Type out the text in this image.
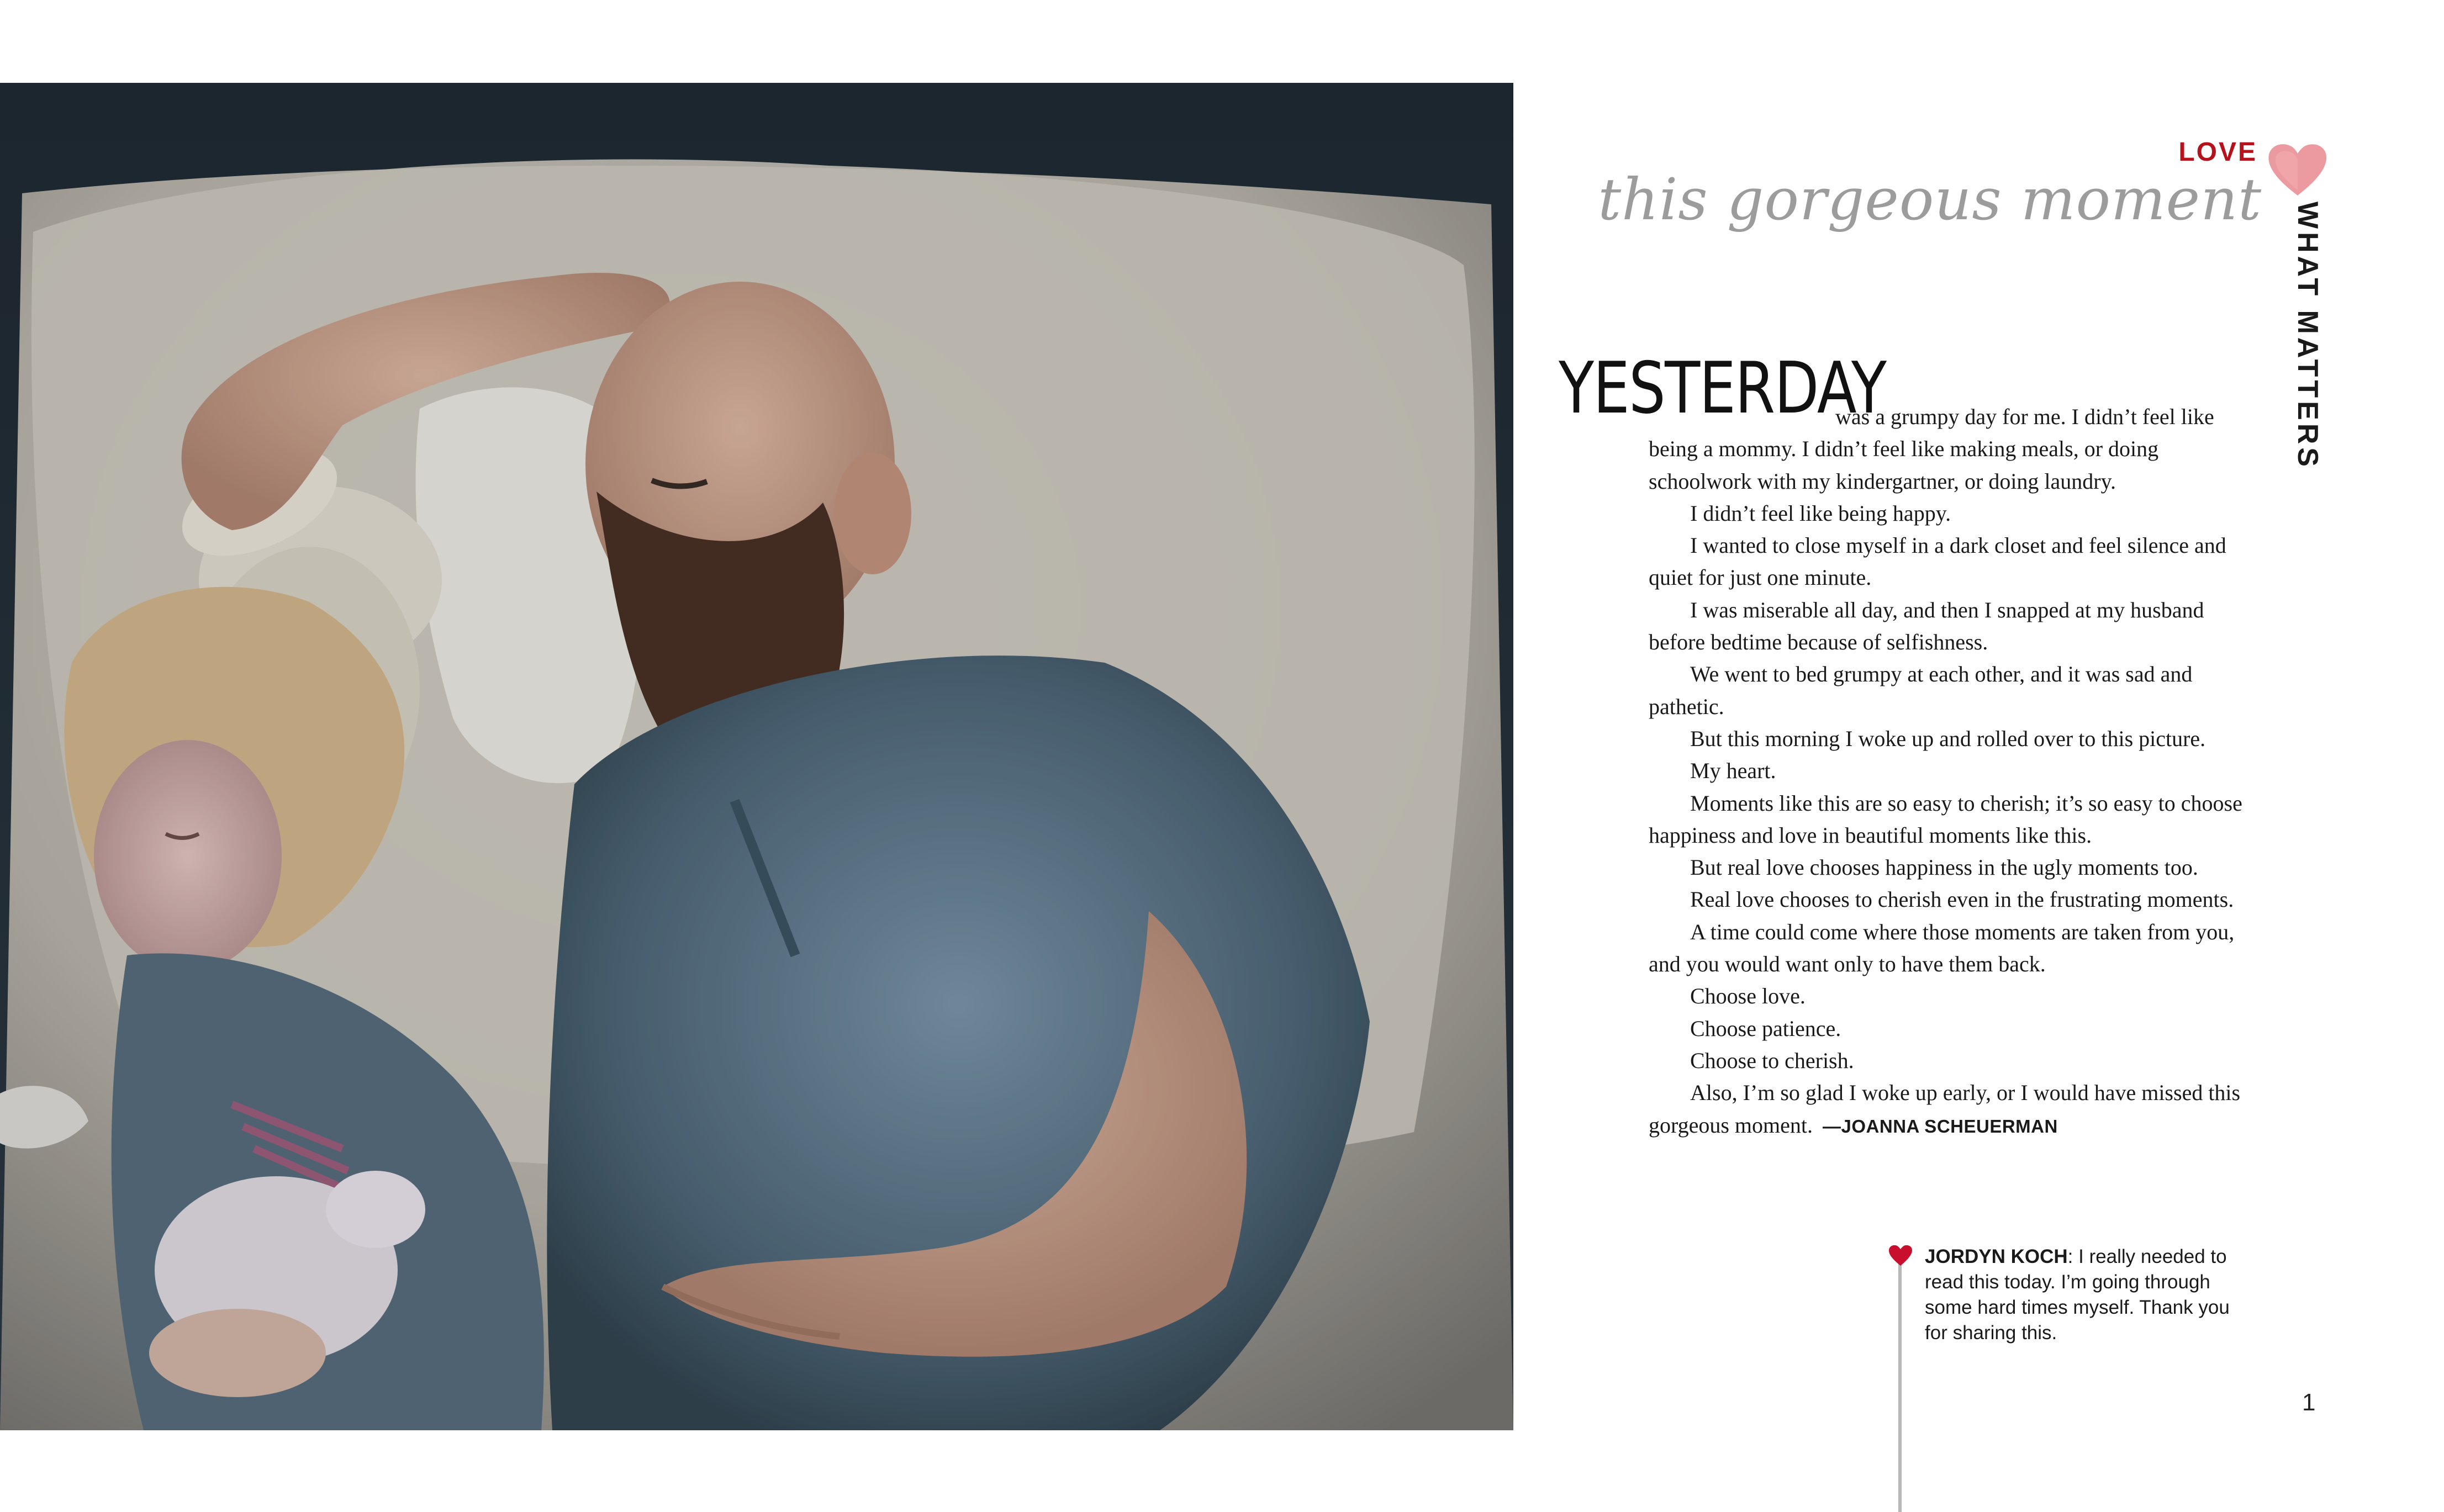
LOVE
this gorgeous moment
WHAT MATTERS
YESTERDAY

was a grumpy day for me. I didn’t feel like being a mommy. I didn’t feel like making meals, or doing schoolwork with my kindergartner, or doing laundry.

I didn’t feel like being happy.

I wanted to close myself in a dark closet and feel silence and quiet for just one minute.

I was miserable all day, and then I snapped at my husband before bedtime because of selfishness.

We went to bed grumpy at each other, and it was sad and pathetic.

But this morning I woke up and rolled over to this picture.

My heart.

Moments like this are so easy to cherish; it’s so easy to choose happiness and love in beautiful moments like this.

But real love chooses happiness in the ugly moments too.

Real love chooses to cherish even in the frustrating moments.

A time could come where those moments are taken from you, and you would want only to have them back.

Choose love.

Choose patience.

Choose to cherish.

Also, I’m so glad I woke up early, or I would have missed this gorgeous moment. —JOANNA SCHEUERMAN

JORDYN KOCH: I really needed to read this today. I’m going through some hard times myself. Thank you for sharing this.
1
